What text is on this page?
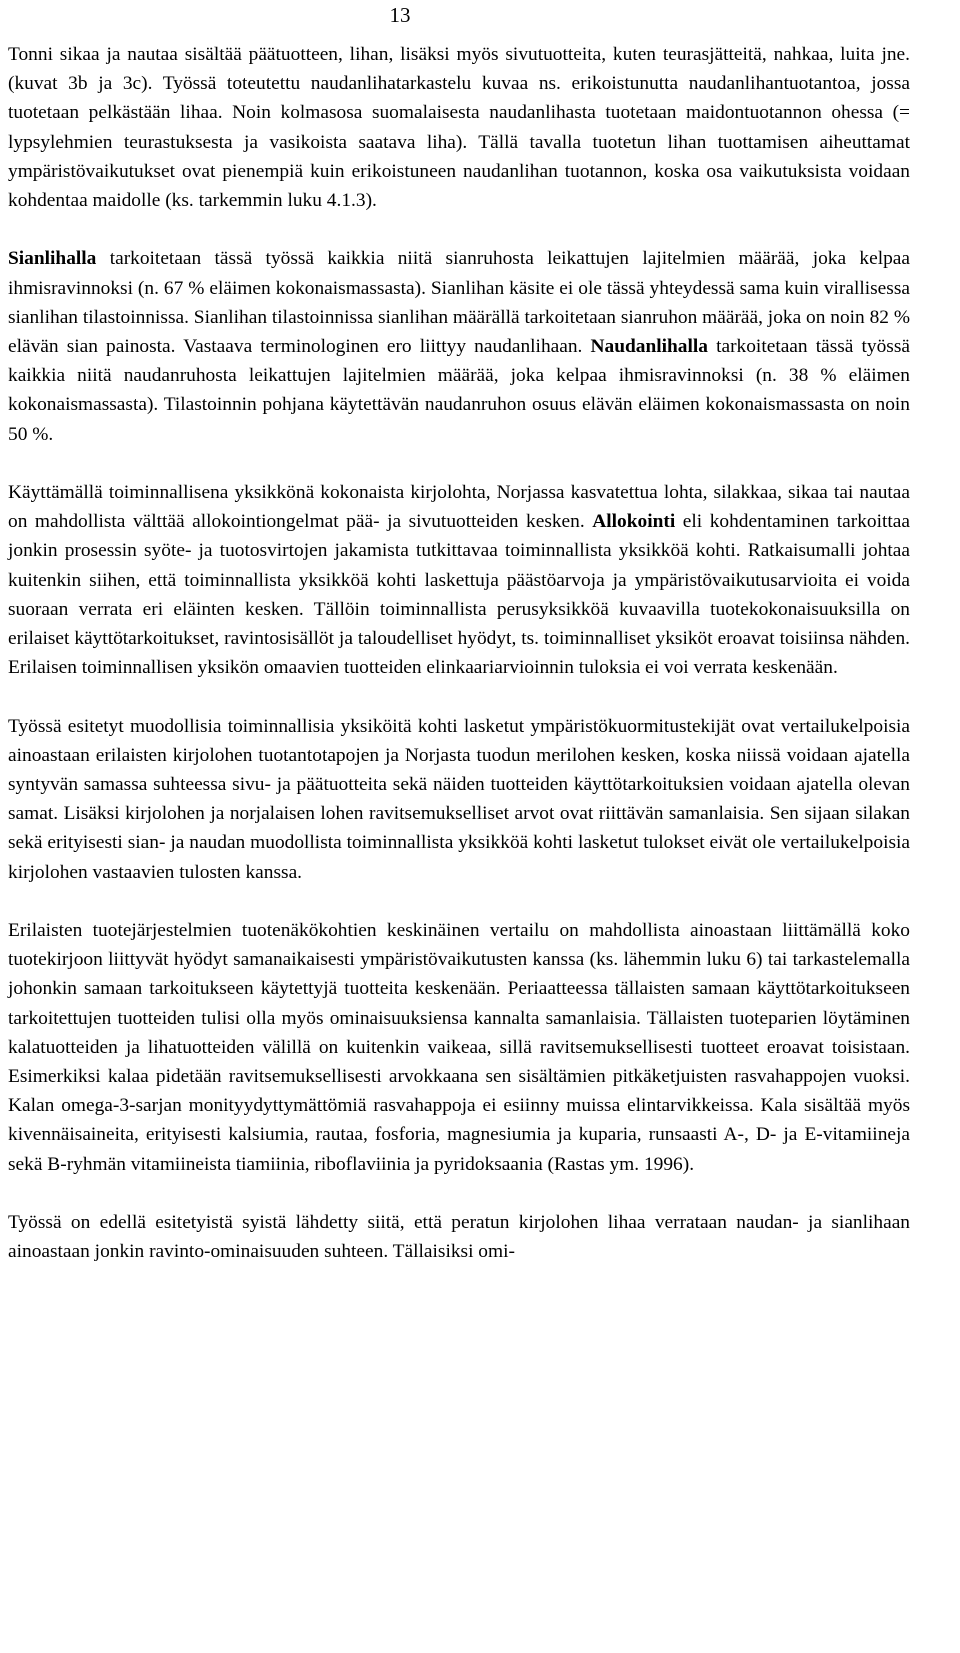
13

Tonni sikaa ja nautaa sisältää päätuotteen, lihan, lisäksi myös sivutuotteita, kuten teurasjätteitä, nahkaa, luita jne. (kuvat 3b ja 3c). Työssä toteutettu naudanlihatarkastelu kuvaa ns. erikoistunutta naudanlihantuotantoa, jossa tuotetaan pelkästään lihaa. Noin kolmasosa suomalaisesta naudanlihasta tuotetaan maidontuotannon ohessa (= lypsylehmien teurastuksesta ja vasikoista saatava liha). Tällä tavalla tuotetun lihan tuottamisen aiheuttamat ympäristövaikutukset ovat pienempiä kuin erikoistuneen naudanlihan tuotannon, koska osa vaikutuksista voidaan kohdentaa maidolle (ks. tarkemmin luku 4.1.3).

Sianlihalla tarkoitetaan tässä työssä kaikkia niitä sianruhosta leikattujen lajitelmien määrää, joka kelpaa ihmisravinnoksi (n. 67 % eläimen kokonaismassasta). Sianlihan käsite ei ole tässä yhteydessä sama kuin virallisessa sianlihan tilastoinnissa. Sianlihan tilastoinnissa sianlihan määrällä tarkoitetaan sianruhon määrää, joka on noin 82 % elävän sian painosta. Vastaava terminologinen ero liittyy naudanlihaan. Naudanlihalla tarkoitetaan tässä työssä kaikkia niitä naudanruhosta leikattujen lajitelmien määrää, joka kelpaa ihmisravinnoksi (n. 38 % eläimen kokonaismassasta). Tilastoinnin pohjana käytettävän naudanruhon osuus elävän eläimen kokonaismassasta on noin 50 %.

Käyttämällä toiminnallisena yksikkönä kokonaista kirjolohta, Norjassa kasvatettua lohta, silakkaa, sikaa tai nautaa on mahdollista välttää allokointiongelmat pää- ja sivutuotteiden kesken. Allokointi eli kohdentaminen tarkoittaa jonkin prosessin syöte- ja tuotosvirtojen jakamista tutkittavaa toiminnallista yksikköä kohti. Ratkaisumalli johtaa kuitenkin siihen, että toiminnallista yksikköä kohti laskettuja päästöarvoja ja ympäristövaikutusarvioita ei voida suoraan verrata eri eläinten kesken. Tällöin toiminnallista perusyksikköä kuvaavilla tuotekokonaisuuksilla on erilaiset käyttötarkoitukset, ravintosisällöt ja taloudelliset hyödyt, ts. toiminnalliset yksiköt eroavat toisiinsa nähden. Erilaisen toiminnallisen yksikön omaavien tuotteiden elinkaariarvioinnin tuloksia ei voi verrata keskenään.

Työssä esitetyt muodollisia toiminnallisia yksiköitä kohti lasketut ympäristökuormitustekijät ovat vertailukelpoisia ainoastaan erilaisten kirjolohen tuotantotapojen ja Norjasta tuodun merilohen kesken, koska niissä voidaan ajatella syntyvän samassa suhteessa sivu- ja päätuotteita sekä näiden tuotteiden käyttötarkoituksien voidaan ajatella olevan samat. Lisäksi kirjolohen ja norjalaisen lohen ravitsemukselliset arvot ovat riittävän samanlaisia. Sen sijaan silakan sekä erityisesti sian- ja naudan muodollista toiminnallista yksikköä kohti lasketut tulokset eivät ole vertailukelpoisia kirjolohen vastaavien tulosten kanssa.

Erilaisten tuotejärjestelmien tuotenäkökohtien keskinäinen vertailu on mahdollista ainoastaan liittämällä koko tuotekirjoon liittyvät hyödyt samanaikaisesti ympäristövaikutusten kanssa (ks. lähemmin luku 6) tai tarkastelemalla johonkin samaan tarkoitukseen käytettyjä tuotteita keskenään. Periaatteessa tällaisten samaan käyttötarkoitukseen tarkoitettujen tuotteiden tulisi olla myös ominaisuuksiensa kannalta samanlaisia. Tällaisten tuoteparien löytäminen kalatuotteiden ja lihatuotteiden välillä on kuitenkin vaikeaa, sillä ravitsemuksellisesti tuotteet eroavat toisistaan. Esimerkiksi kalaa pidetään ravitsemuksellisesti arvokkaana sen sisältämien pitkäketjuisten rasvahappojen vuoksi. Kalan omega-3-sarjan monityydyttymättömiä rasvahappoja ei esiinny muissa elintarvikkeissa. Kala sisältää myös kivennäisaineita, erityisesti kalsiumia, rautaa, fosforia, magnesiumia ja kuparia, runsaasti A-, D- ja E-vitamiineja sekä B-ryhmän vitamiineista tiamiinia, riboflaviinia ja pyridoksaania (Rastas ym. 1996).

Työssä on edellä esitetyistä syistä lähdetty siitä, että peratun kirjolohen lihaa verrataan naudan- ja sianlihaan ainoastaan jonkin ravinto-ominaisuuden suhteen. Tällaisiksi omi-
